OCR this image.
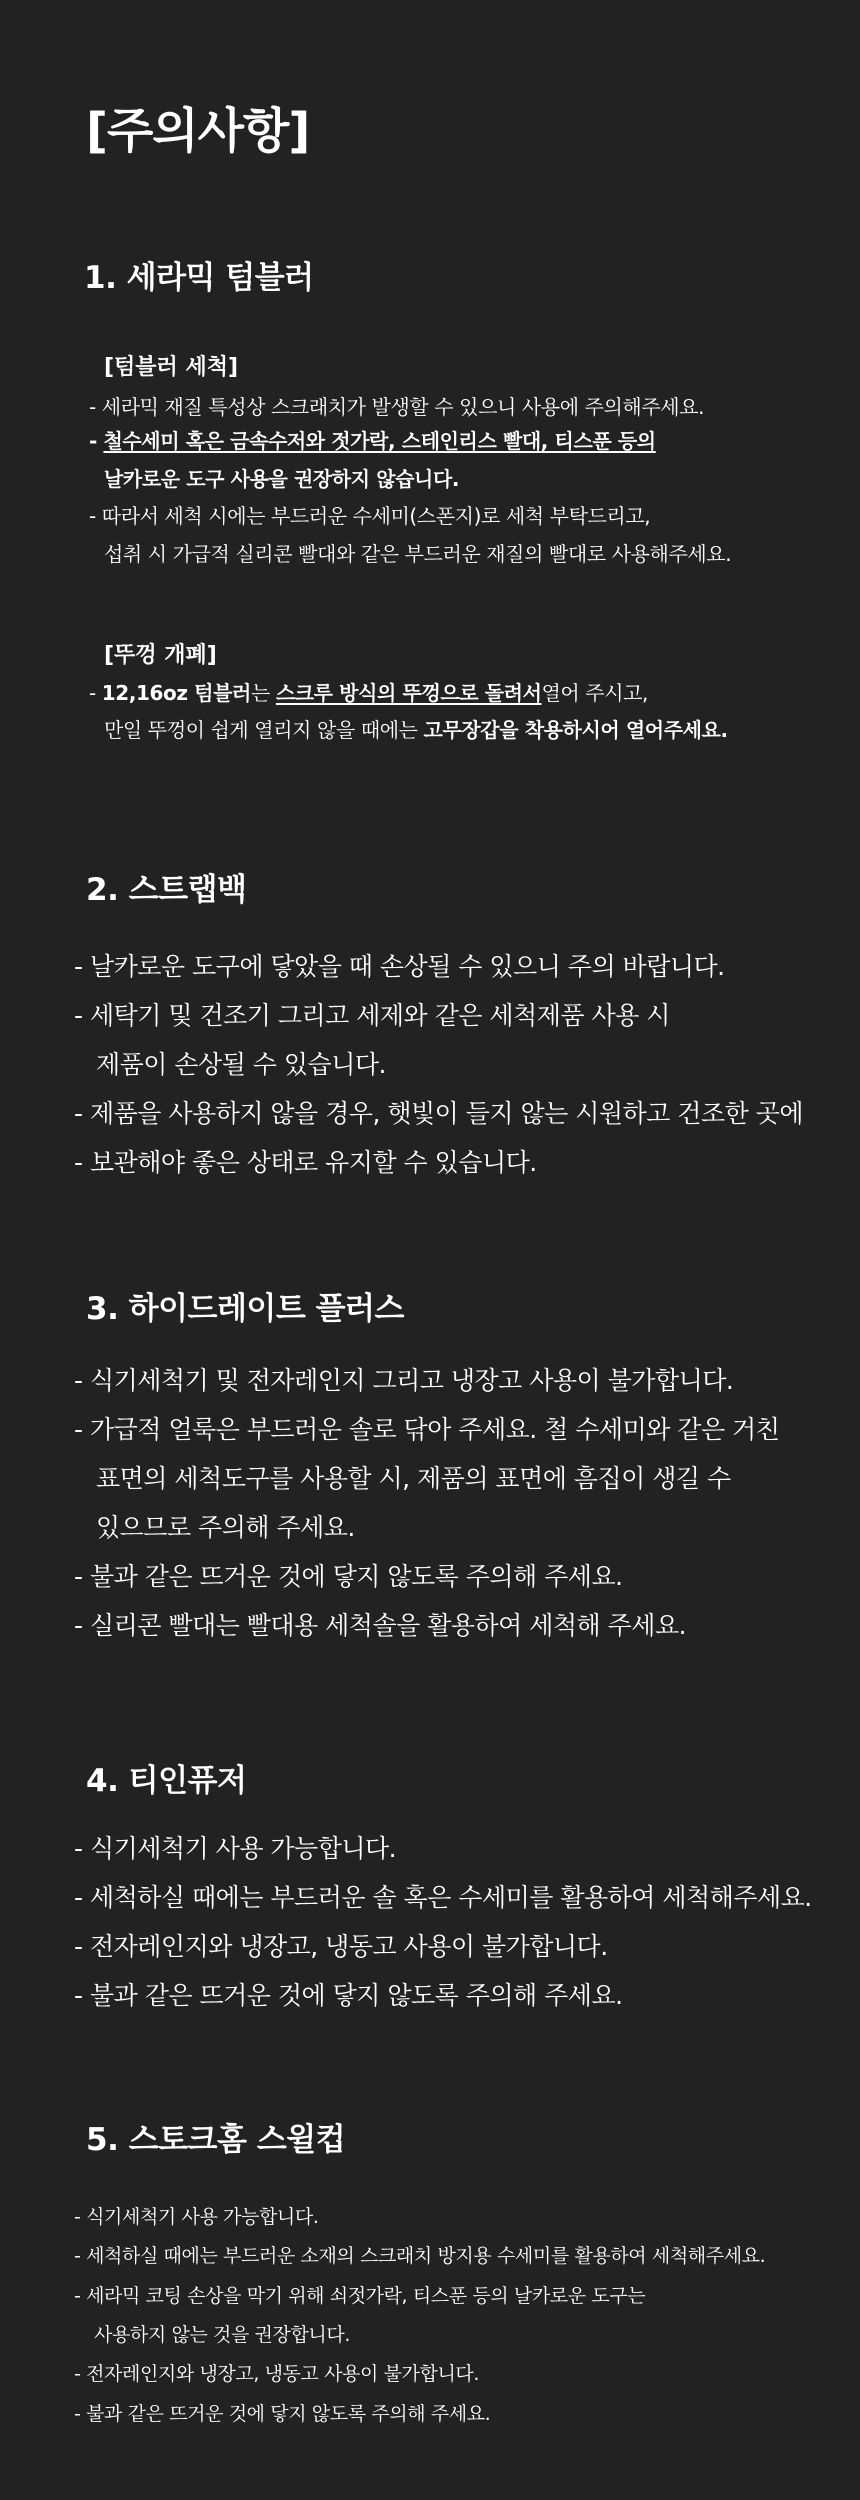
[주의사항]
1. 세라믹 텀블러
[텀블러 세척]
- 세라믹 재질 특성상 스크래치가 발생할 수 있으니 사용에 주의해주세요.
- 철수세미 혹은 금속수저와 젓가락, 스테인리스 빨대, 티스푼 등의
날카로운 도구 사용을 권장하지 않습니다.
- 따라서 세척 시에는 부드러운 수세미(스폰지)로 세척 부탁드리고,
섭취 시 가급적 실리콘 빨대와 같은 부드러운 재질의 빨대로 사용해주세요.
[뚜껑 개폐]
- 12,16oz 텀블러는 스크루 방식의 뚜껑으로 돌려서열어 주시고,
만일 뚜껑이 쉽게 열리지 않을 때에는 고무장갑을 착용하시어 열어주세요.
2. 스트랩백
- 날카로운 도구에 닿았을 때 손상될 수 있으니 주의 바랍니다.
- 세탁기 및 건조기 그리고 세제와 같은 세척제품 사용 시
제품이 손상될 수 있습니다.
- 제품을 사용하지 않을 경우, 햇빛이 들지 않는 시원하고 건조한 곳에
- 보관해야 좋은 상태로 유지할 수 있습니다.
3. 하이드레이트 플러스
- 식기세척기 및 전자레인지 그리고 냉장고 사용이 불가합니다.
- 가급적 얼룩은 부드러운 솔로 닦아 주세요. 철 수세미와 같은 거친
표면의 세척도구를 사용할 시, 제품의 표면에 흠집이 생길 수
있으므로 주의해 주세요.
- 불과 같은 뜨거운 것에 닿지 않도록 주의해 주세요.
- 실리콘 빨대는 빨대용 세척솔을 활용하여 세척해 주세요.
4. 티인퓨저
- 식기세척기 사용 가능합니다.
- 세척하실 때에는 부드러운 솔 혹은 수세미를 활용하여 세척해주세요.
- 전자레인지와 냉장고, 냉동고 사용이 불가합니다.
- 불과 같은 뜨거운 것에 닿지 않도록 주의해 주세요.
5. 스토크홈 스윌컵
- 식기세척기 사용 가능합니다.
- 세척하실 때에는 부드러운 소재의 스크래치 방지용 수세미를 활용하여 세척해주세요.
- 세라믹 코팅 손상을 막기 위해 쇠젓가락, 티스푼 등의 날카로운 도구는
사용하지 않는 것을 권장합니다.
- 전자레인지와 냉장고, 냉동고 사용이 불가합니다.
- 불과 같은 뜨거운 것에 닿지 않도록 주의해 주세요.
